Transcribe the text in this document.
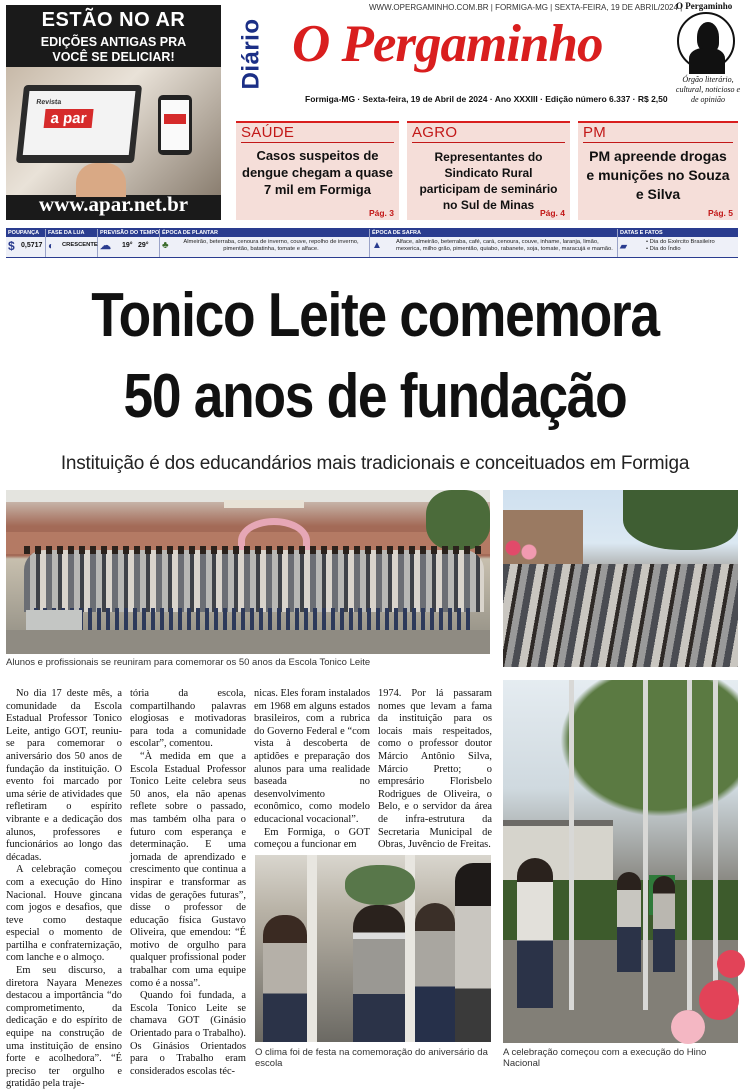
ESTÃO NO AR
EDIÇÕES ANTIGAS PRA
VOCÊ SE DELICIAR!
Revista
a par
www.apar.net.br
Diário
WWW.OPERGAMINHO.COM.BR | FORMIGA-MG | SEXTA-FEIRA, 19 DE ABRIL/2024 |
O Pergaminho
O Pergaminho
Formiga-MG · Sexta-feira, 19 de Abril de 2024 · Ano XXXIII · Edição número 6.337 · R$ 2,50
Órgão literário, cultural, noticioso e de opinião
SAÚDE
Casos suspeitos de dengue chegam a quase 7 mil em Formiga
Pág. 3
AGRO
Representantes do Sindicato Rural participam de seminário no Sul de Minas
Pág. 4
PM
PM apreende drogas e munições no Souza e Silva
Pág. 5
POUPANÇA
$ 0,5717
FASE DA LUA
◐ CRESCENTE
PREVISÃO DO TEMPO
☁ 19° 29°
ÉPOCA DE PLANTAR
♣	Almeirão, beterraba, cenoura de inverno, couve, repolho de inverno, pimentão, batatinha, tomate e alface.
ÉPOCA DE SAFRA
▲ Alface, almeirão, beterraba, café, cará, cenoura, couve, inhame, laranja, limão, mexerica, milho grão, pimentão, quiabo, rabanete, soja, tomate, maracujá e mamão.
DATAS E FATOS
▰	• Dia do Exército Brasileiro
• Dia do Índio
Tonico Leite comemora
50 anos de fundação
Instituição é dos educandários mais tradicionais e conceituados em Formiga
Alunos e profissionais se reuniram para comemorar os 50 anos da Escola Tonico Leite
O clima foi de festa na comemoração do aniversário da escola
A celebração começou com a execução do Hino Nacional

No dia 17 deste mês, a comunidade da Escola Estadual Professor Tonico Leite, antigo GOT, reuniu-se para comemorar o aniversário dos 50 anos de fundação da instituição. O evento foi marcado por uma série de atividades que refletiram o espírito vibrante e a dedicação dos alunos, professores e funcionários ao longo das décadas.

A celebração começou com a execução do Hino Nacional. Houve gincana com jogos e desafios, que teve como destaque especial o momento de partilha e confraternização, com lanche e o almoço.

Em seu discurso, a diretora Nayara Menezes destacou a importância “do comprometimento, da dedicação e do espírito de equipe na construção de uma instituição de ensino forte e acolhedora”. “É preciso ter orgulho e gratidão pela traje-

tória da escola, compartilhando palavras elogiosas e motivadoras para toda a comunidade escolar”, comentou.

“À medida em que a Escola Estadual Professor Tonico Leite celebra seus 50 anos, ela não apenas reflete sobre o passado, mas também olha para o futuro com esperança e determinação. E uma jornada de aprendizado e crescimento que continua a inspirar e transformar as vidas de gerações futuras”, disse o professor de educação física Gustavo Oliveira, que emendou: “É motivo de orgulho para qualquer profissional poder trabalhar com uma equipe como é a nossa”.

Quando foi fundada, a Escola Tonico Leite se chamava GOT (Ginásio Orientado para o Trabalho). Os Ginásios Orientados para o Trabalho eram considerados escolas téc-

nicas. Eles foram instalados em 1968 em alguns estados brasileiros, com a rubrica do Governo Federal e “com vista à descoberta de aptidões e preparação dos alunos para uma realidade baseada no desenvolvimento econômico, como modelo educacional vocacional”.

Em Formiga, o GOT começou a funcionar em

1974. Por lá passaram nomes que levam a fama da instituição para os locais mais respeitados, como o professor doutor Márcio Antônio Silva, Márcio Pretto; o empresário Florisbelo Rodrigues de Oliveira, o Belo, e o servidor da área de infra-estrutura da Secretaria Municipal de Obras, Juvêncio de Freitas.
